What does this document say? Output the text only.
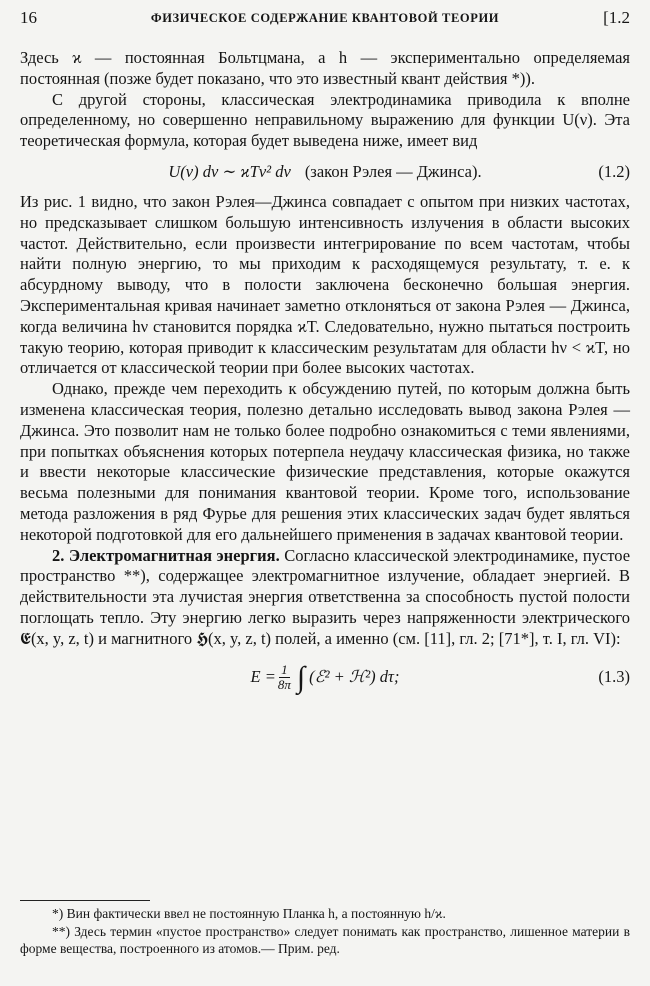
16	ФИЗИЧЕСКОЕ СОДЕРЖАНИЕ КВАНТОВОЙ ТЕОРИИ	[1.2

Здесь ϰ — постоянная Больтцмана, а h — экспериментально определяемая постоянная (позже будет показано, что это известный квант действия *)).

С другой стороны, классическая электродинамика приводила к вполне определенному, но совершенно неправильному выражению для функции U(ν). Эта теоретическая формула, которая будет выведена ниже, имеет вид

U(ν) dν ∼ ϰTν² dν (закон Рэлея — Джинса).	(1.2)

Из рис. 1 видно, что закон Рэлея—Джинса совпадает с опытом при низких частотах, но предсказывает слишком большую интенсивность излучения в области высоких частот. Действительно, если произвести интегрирование по всем частотам, чтобы найти полную энергию, то мы приходим к расходящемуся результату, т. е. к абсурдному выводу, что в полости заключена бесконечно большая энергия. Экспериментальная кривая начинает заметно отклоняться от закона Рэлея — Джинса, когда величина hν становится порядка ϰT. Следовательно, нужно пытаться построить такую теорию, которая приводит к классическим результатам для области hν < ϰT, но отличается от классической теории при более высоких частотах.

Однако, прежде чем переходить к обсуждению путей, по которым должна быть изменена классическая теория, полезно детально исследовать вывод закона Рэлея — Джинса. Это позволит нам не только более подробно ознакомиться с теми явлениями, при попытках объяснения которых потерпела неудачу классическая физика, но также и ввести некоторые классические физические представления, которые окажутся весьма полезными для понимания квантовой теории. Кроме того, использование метода разложения в ряд Фурье для решения этих классических задач будет являться некоторой подготовкой для его дальнейшего применения в задачах квантовой теории.

2. Электромагнитная энергия. Согласно классической электродинамике, пустое пространство **), содержащее электромагнитное излучение, обладает энергией. В действительности эта лучистая энергия ответственна за способность пустой полости поглощать тепло. Эту энергию легко выразить через напряженности электрического 𝕰(x, y, z, t) и магнитного 𝕳(x, y, z, t) полей, а именно (см. [11], гл. 2; [71*], т. I, гл. VI):

$E = \frac{1}{8\pi}$ ∫ (ℰ² + ℋ²) dτ;	(1.3)

*) Вин фактически ввел не постоянную Планка h, а постоянную h/ϰ.

**) Здесь термин «пустое пространство» следует понимать как пространство, лишенное материи в форме вещества, построенного из атомов.— Прим. ред.
